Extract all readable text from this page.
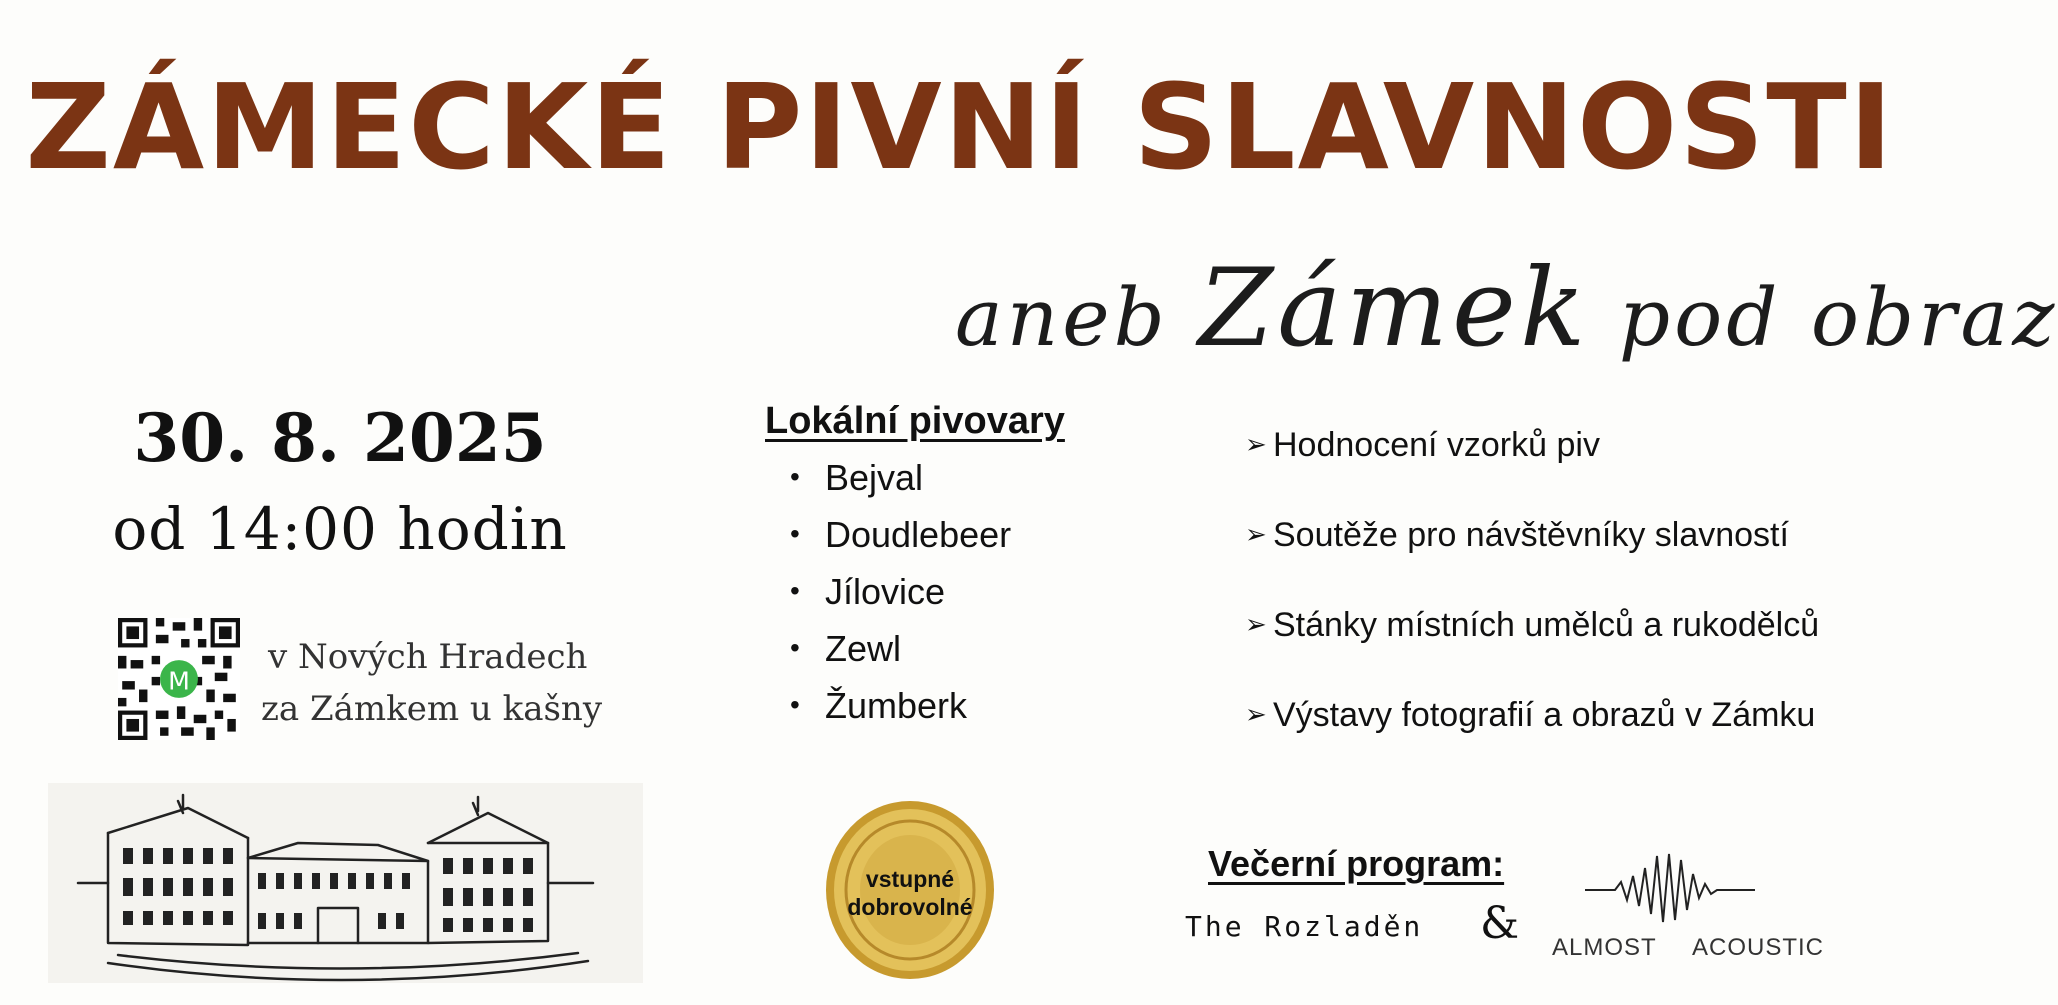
ZÁMECKÉ PIVNÍ SLAVNOSTI
aneb Zámek pod obraz
30. 8. 2025
od 14:00 hodin
M
v Nových Hradech
za Zámkem u kašny
Lokální pivovary
• Bejval
• Doudlebeer
• Jílovice
• Zewl
• Žumberk
➢ Hodnocení vzorků piv
➢ Soutěže pro návštěvníky slavností
➢ Stánky místních umělců a rukodělců
➢ Výstavy fotografií a obrazů v Zámku
vstupné
dobrovolné
Večerní program:
The Rozladěn & ALMOST ACOUSTIC
